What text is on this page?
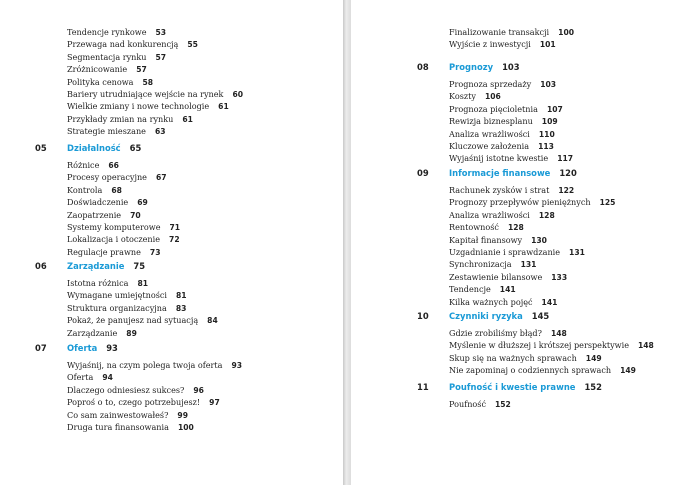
Tendencje rynkowe 53
Przewaga nad konkurencją 55
Segmentacja rynku 57
Zróżnicowanie 57
Polityka cenowa 58
Bariery utrudniające wejście na rynek 60
Wielkie zmiany i nowe technologie 61
Przykłady zmian na rynku 61
Strategie mieszane 63
05	Działalność 65
Różnice 66
Procesy operacyjne 67
Kontrola 68
Doświadczenie 69
Zaopatrzenie 70
Systemy komputerowe 71
Lokalizacja i otoczenie 72
Regulacje prawne 73
06	Zarządzanie 75
Istotna różnica 81
Wymagane umiejętności 81
Struktura organizacyjna 83
Pokaż, że panujesz nad sytuacją 84
Zarządzanie 89
07	Oferta 93
Wyjaśnij, na czym polega twoja oferta 93
Oferta 94
Dlaczego odniesiesz sukces? 96
Poproś o to, czego potrzebujesz! 97
Co sam zainwestowałeś? 99
Druga tura finansowania 100
Finalizowanie transakcji 100
Wyjście z inwestycji 101
08	Prognozy 103
Prognoza sprzedaży 103
Koszty 106
Prognoza pięcioletnia 107
Rewizja biznesplanu 109
Analiza wrażliwości 110
Kluczowe założenia 113
Wyjaśnij istotne kwestie 117
09	Informacje finansowe 120
Rachunek zysków i strat 122
Prognozy przepływów pieniężnych 125
Analiza wrażliwości 128
Rentowność 128
Kapitał finansowy 130
Uzgadnianie i sprawdzanie 131
Synchronizacja 131
Zestawienie bilansowe 133
Tendencje 141
Kilka ważnych pojęć 141
10	Czynniki ryzyka 145
Gdzie zrobiliśmy błąd? 148
Myślenie w dłuższej i krótszej perspektywie 148
Skup się na ważnych sprawach 149
Nie zapominaj o codziennych sprawach 149
11	Poufność i kwestie prawne 152
Poufność 152
